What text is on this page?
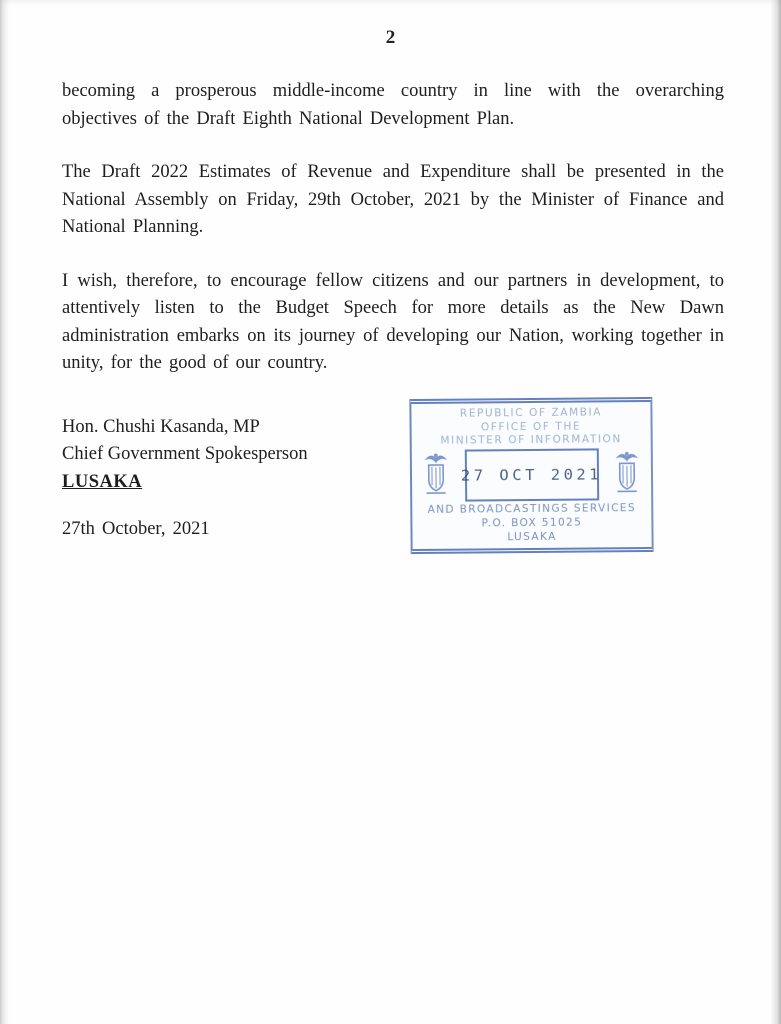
2

becoming a prosperous middle-income country in line with the overarching objectives of the Draft Eighth National Development Plan.

The Draft 2022 Estimates of Revenue and Expenditure shall be presented in the National Assembly on Friday, 29th October, 2021 by the Minister of Finance and National Planning.

I wish, therefore, to encourage fellow citizens and our partners in development, to attentively listen to the Budget Speech for more details as the New Dawn administration embarks on its journey of developing our Nation, working together in unity, for the good of our country.

Hon. Chushi Kasanda, MP
Chief Government Spokesperson
LUSAKA
27th October, 2021
REPUBLIC OF ZAMBIA
OFFICE OF THE
MINISTER OF INFORMATION
27 OCT 2021
AND BROADCASTINGS SERVICES
P.O. BOX 51025
LUSAKA
